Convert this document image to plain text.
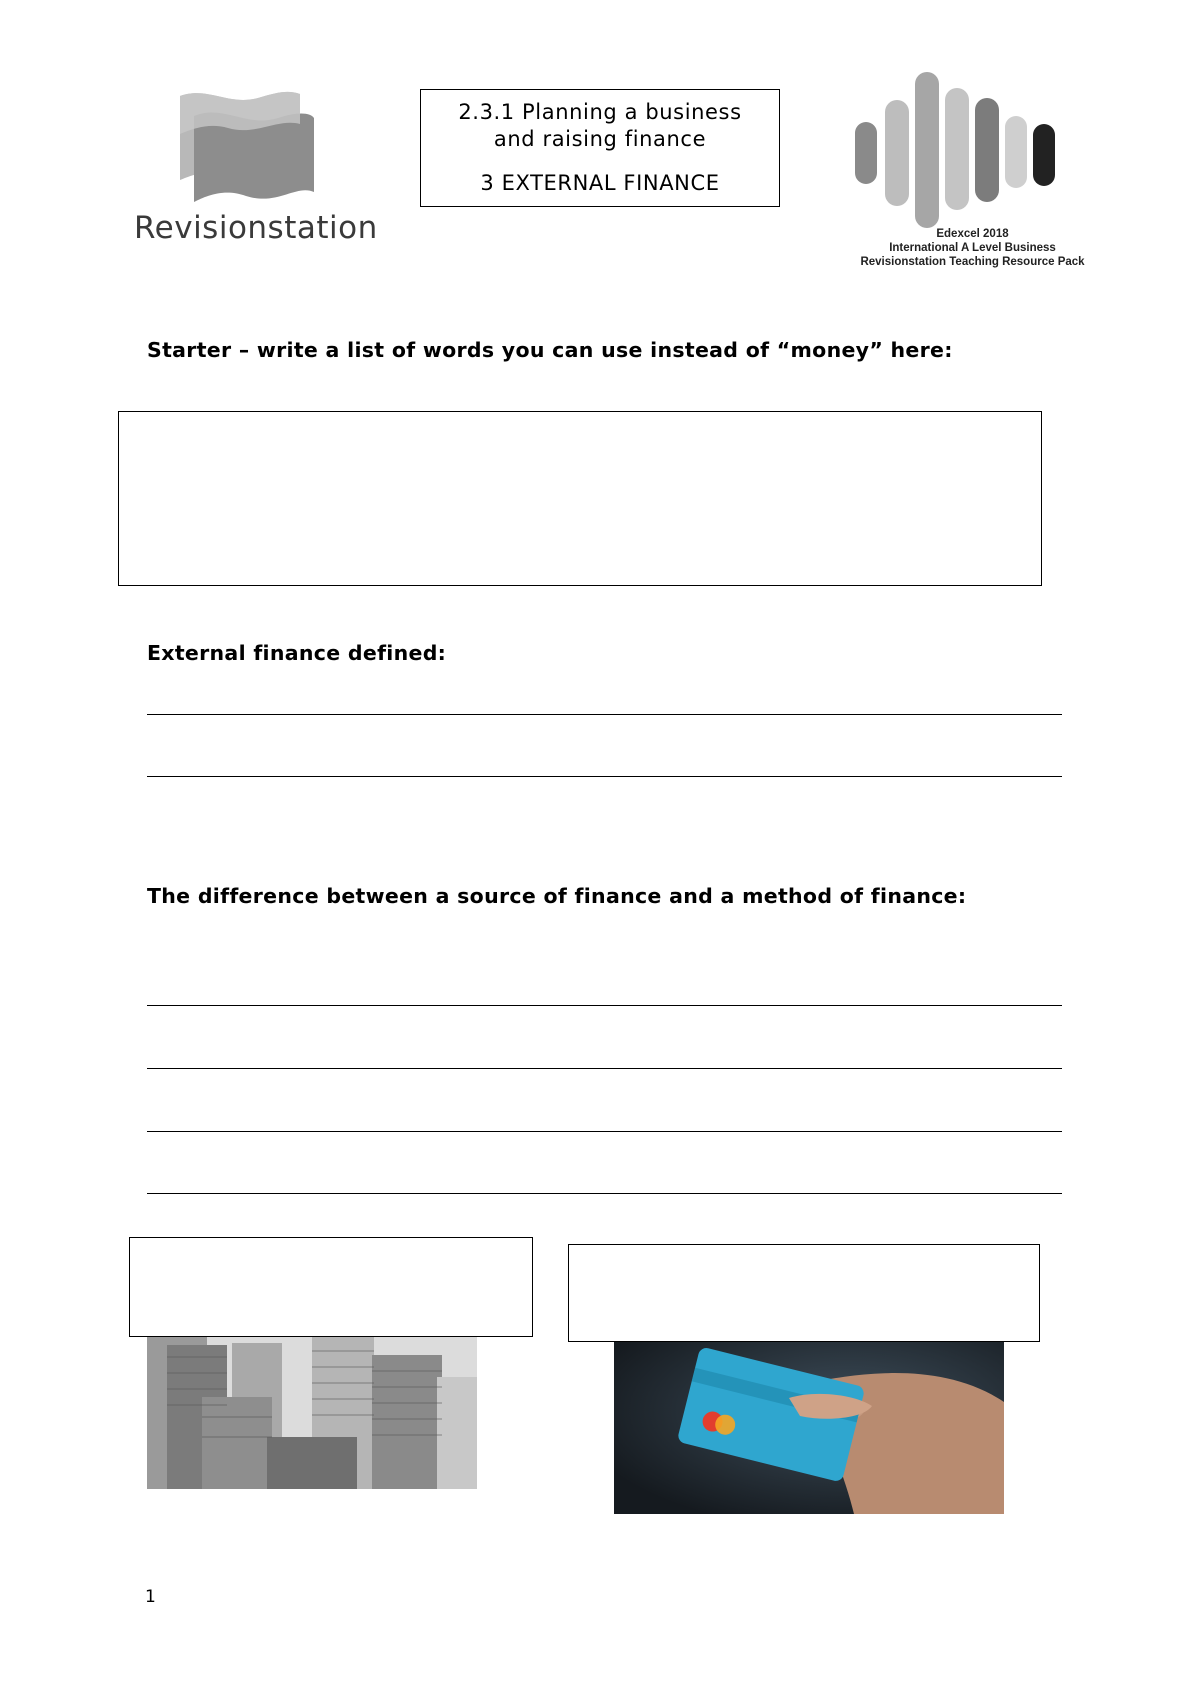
Revisionstation
2.3.1 Planning a business
and raising finance
3 EXTERNAL FINANCE
Edexcel 2018
International A Level Business
Revisionstation Teaching Resource Pack
Starter – write a list of words you can use instead of “money” here:
External finance defined:
The difference between a source of finance and a method of finance:
1
